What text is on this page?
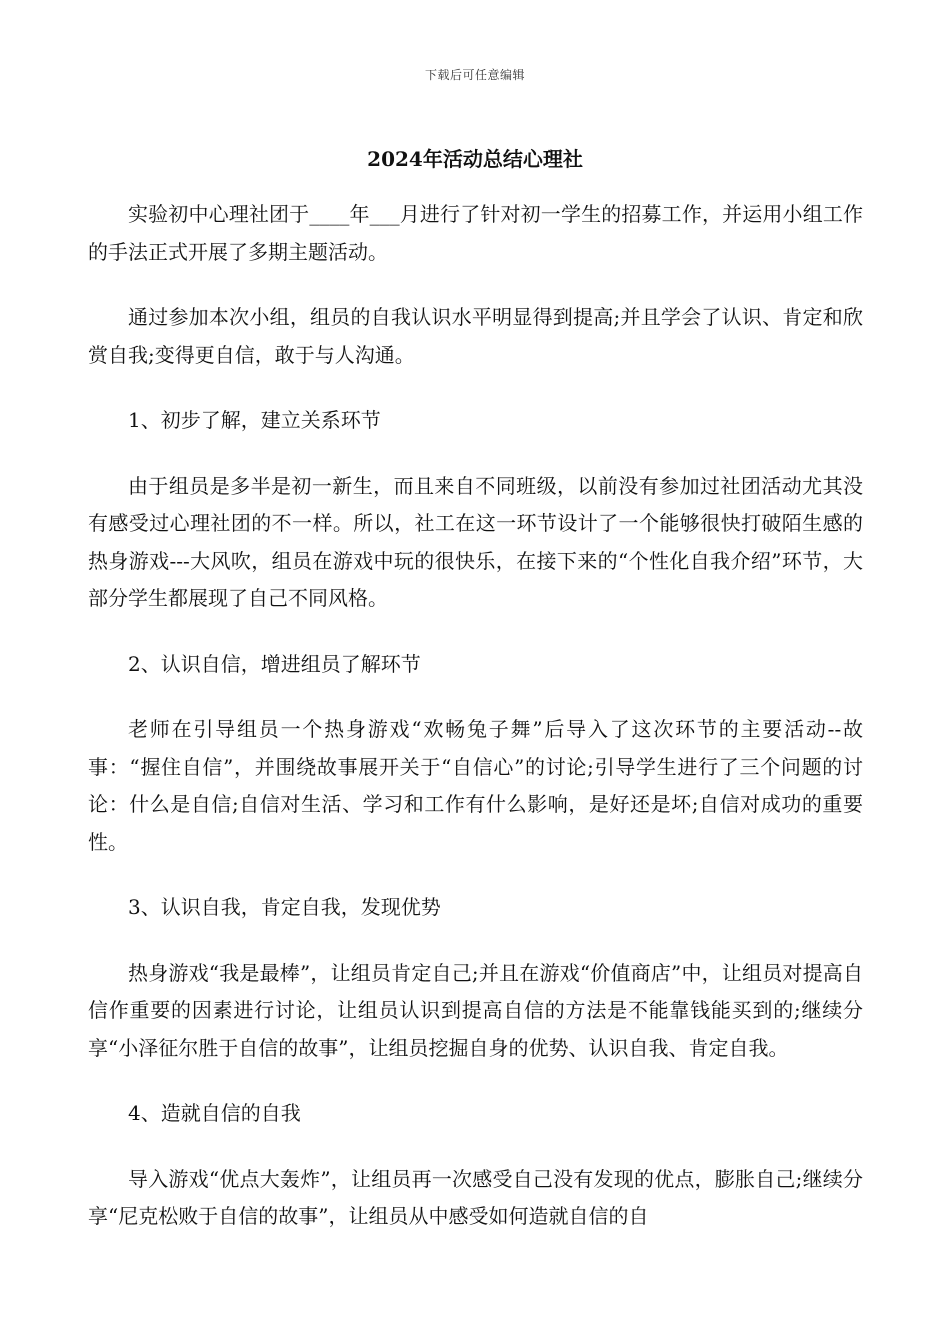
下载后可任意编辑
2024年活动总结心理社

实验初中心理社团于____年___月进行了针对初一学生的招募工作，并运用小组工作的手法正式开展了多期主题活动。

通过参加本次小组，组员的自我认识水平明显得到提高;并且学会了认识、肯定和欣赏自我;变得更自信，敢于与人沟通。

1、初步了解，建立关系环节

由于组员是多半是初一新生，而且来自不同班级，以前没有参加过社团活动尤其没有感受过心理社团的不一样。所以，社工在这一环节设计了一个能够很快打破陌生感的热身游戏---大风吹，组员在游戏中玩的很快乐，在接下来的“个性化自我介绍”环节，大部分学生都展现了自己不同风格。

2、认识自信，增进组员了解环节

老师在引导组员一个热身游戏“欢畅兔子舞”后导入了这次环节的主要活动--故事：“握住自信”，并围绕故事展开关于“自信心”的讨论;引导学生进行了三个问题的讨论：什么是自信;自信对生活、学习和工作有什么影响，是好还是坏;自信对成功的重要性。

3、认识自我，肯定自我，发现优势

热身游戏“我是最棒”，让组员肯定自己;并且在游戏“价值商店”中，让组员对提高自信作重要的因素进行讨论，让组员认识到提高自信的方法是不能靠钱能买到的;继续分享“小泽征尔胜于自信的故事”，让组员挖掘自身的优势、认识自我、肯定自我。

4、造就自信的自我

导入游戏“优点大轰炸”，让组员再一次感受自己没有发现的优点，膨胀自己;继续分享“尼克松败于自信的故事”，让组员从中感受如何造就自信的自
